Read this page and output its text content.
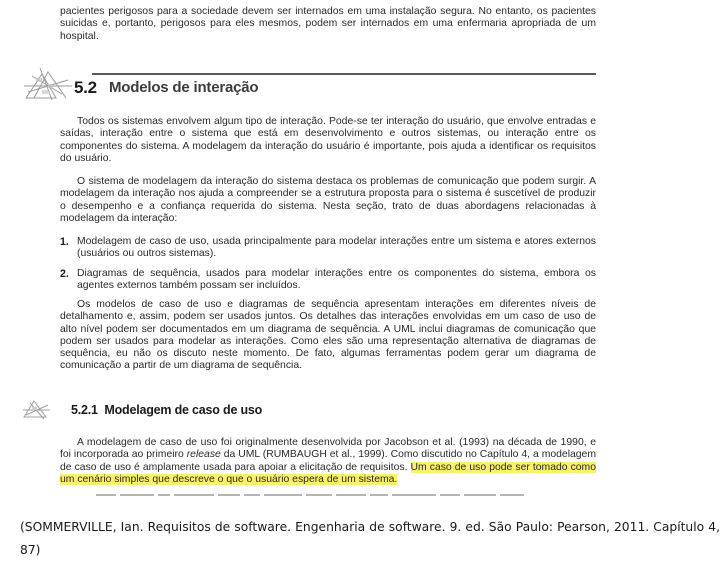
pacientes perigosos para a sociedade devem ser internados em uma instalação segura. No entanto, os pacientes suicidas e, portanto, perigosos para eles mesmos, podem ser internados em uma enfermaria apropriada de um hospital.

5.2 Modelos de interação

Todos os sistemas envolvem algum tipo de interação. Pode-se ter interação do usuário, que envolve entradas e saídas, interação entre o sistema que está em desenvolvimento e outros sistemas, ou interação entre os componentes do sistema. A modelagem da interação do usuário é importante, pois ajuda a identificar os requisitos do usuário.

O sistema de modelagem da interação do sistema destaca os problemas de comunicação que podem surgir. A modelagem da interação nos ajuda a compreender se a estrutura proposta para o sistema é suscetível de produzir o desempenho e a confiança requerida do sistema. Nesta seção, trato de duas abordagens relacionadas à modelagem da interação:

1. Modelagem de caso de uso, usada principalmente para modelar interações entre um sistema e atores externos (usuários ou outros sistemas).

2. Diagramas de sequência, usados para modelar interações entre os componentes do sistema, embora os agentes externos também possam ser incluídos.

Os modelos de caso de uso e diagramas de sequência apresentam interações em diferentes níveis de detalhamento e, assim, podem ser usados juntos. Os detalhes das interações envolvidas em um caso de uso de alto nível podem ser documentados em um diagrama de sequência. A UML inclui diagramas de comunicação que podem ser usados para modelar as interações. Como eles são uma representação alternativa de diagramas de sequência, eu não os discuto neste momento. De fato, algumas ferramentas podem gerar um diagrama de comunicação a partir de um diagrama de sequência.

5.2.1 Modelagem de caso de uso

A modelagem de caso de uso foi originalmente desenvolvida por Jacobson et al. (1993) na década de 1990, e foi incorporada ao primeiro release da UML (RUMBAUGH et al., 1999). Como discutido no Capítulo 4, a modelagem de caso de uso é amplamente usada para apoiar a elicitação de requisitos. Um caso de uso pode ser tomado como um cenário simples que descreve o que o usuário espera de um sistema.

(SOMMERVILLE, Ian. Requisitos de software. Engenharia de software. 9. ed. São Paulo: Pearson, 2011. Capítulo 4, 87)
